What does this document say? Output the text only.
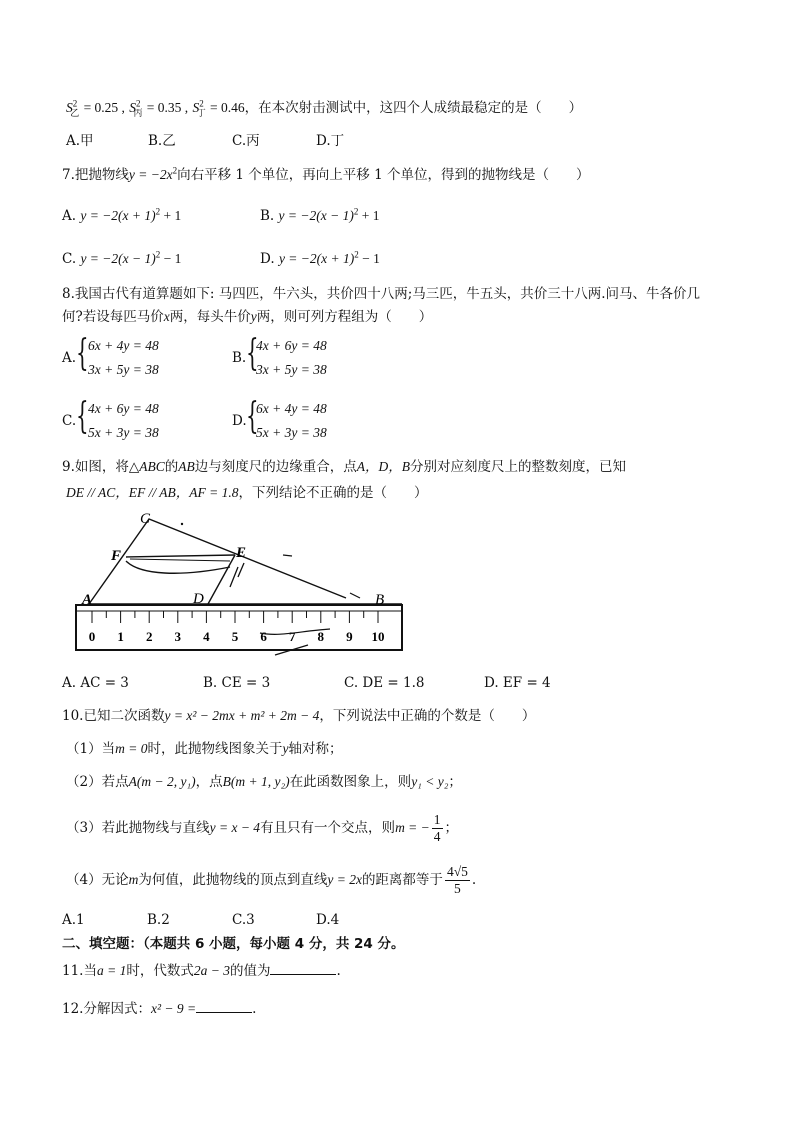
$S^2_乙 = 0.25$ , $S^2_丙 = 0.35$ , $S^2_丁 = 0.46$，在本次射击测试中，这四个人成绩最稳定的是（　　）
A.甲	B.乙	C.丙	D.丁
7.把抛物线$y = -2x^2$向右平移 1 个单位，再向上平移 1 个单位，得到的抛物线是（　　）
A. $y = -2(x + 1)^2 + 1$	B. $y = -2(x - 1)^2 + 1$
C. $y = -2(x - 1)^2 - 1$	D. $y = -2(x + 1)^2 - 1$
8.我国古代有道算题如下: 马四匹，牛六头，共价四十八两;马三匹，牛五头，共价三十八两.问马、牛各价几
何?若设每匹马价x两，每头牛价y两，则可列方程组为（　　）
A. { 6x + 4y = 48
3x + 5y = 38
B. {
4x + 6y = 48
3x + 5y = 38
C. { 4x + 6y = 48
5x + 3y = 38
D. {
6x + 4y = 48
5x + 3y = 38
9.如图，将△ABC的AB边与刻度尺的边缘重合，点A，D，B分别对应刻度尺上的整数刻度，已知
DE // AC，EF // AB，AF = 1.8，下列结论不正确的是（　　）
0 1 2 3 4 5 6 7 8 9 10
C
F	E
A	D	B
A. AC = 3	B. CE = 3	C. DE = 1.8	D. EF = 4
10.已知二次函数y = x² − 2mx + m² + 2m − 4，下列说法中正确的个数是（　　）
（1）当m = 0时，此抛物线图象关于y轴对称；
（2）若点A(m − 2, y₁)，点B(m + 1, y₂)在此函数图象上，则y₁ < y₂；
（3）若此抛物线与直线y = x − 4有且只有一个交点，则m = − $\frac{1}{4}$ ；
（4）无论m为何值，此抛物线的顶点到直线y = 2x的距离都等于 $\frac{4√5}{5}$ .
A.1	B.2	C.3	D.4
二、填空题：（本题共 6 小题，每小题 4 分，共 24 分。
11.当a = 1时，代数式2a − 3的值为	.
12.分解因式：x² − 9 =	.
